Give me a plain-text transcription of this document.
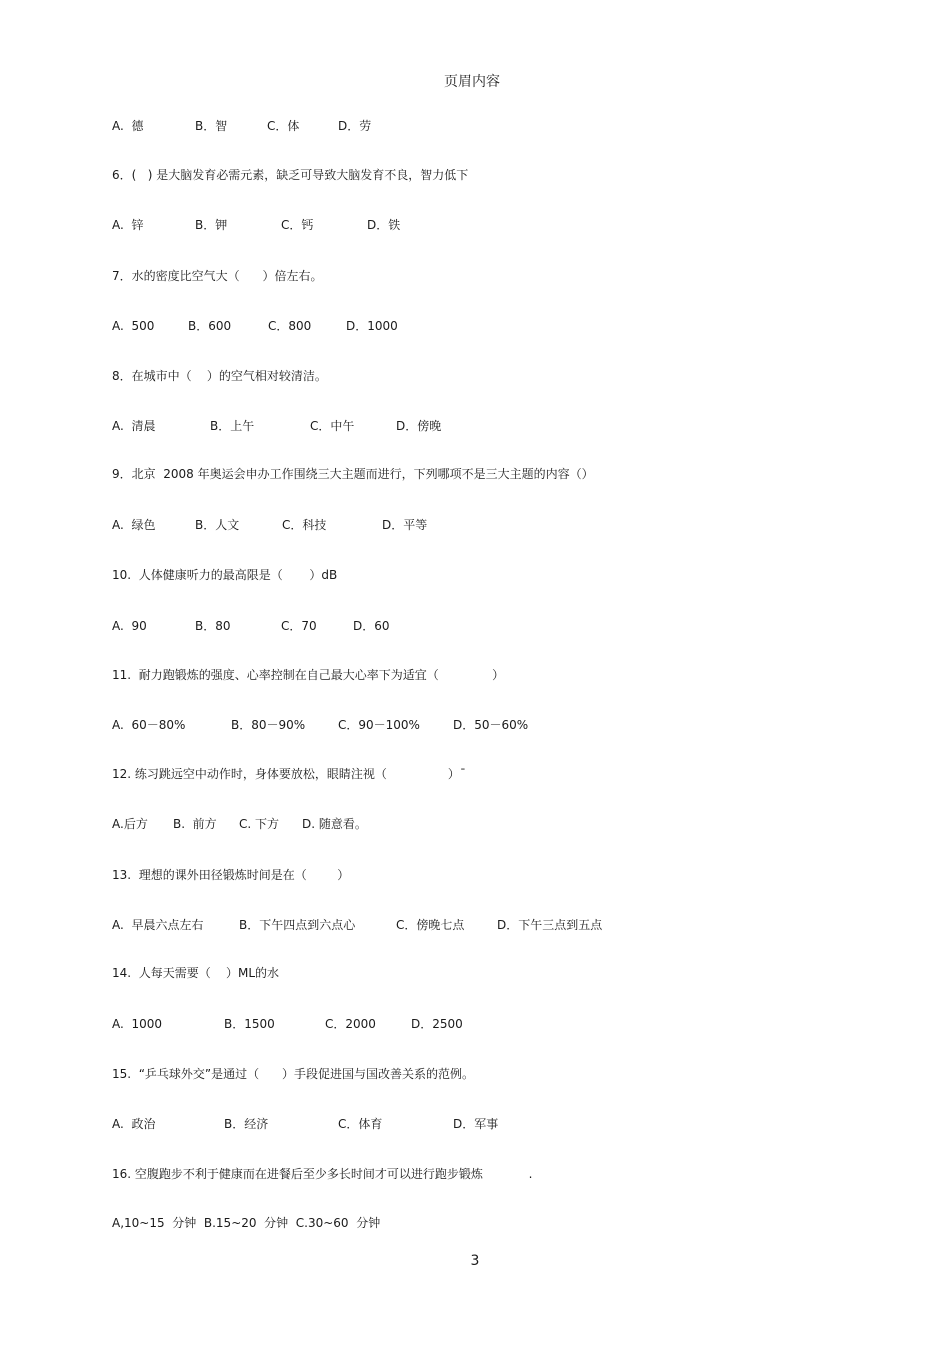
页眉内容
A.  德	B．智	C．体	D．劳
6．(   ) 是大脑发育必需元素，缺乏可导致大脑发育不良，智力低下
A.  锌	B．钾	C．钙	D．铁
7．水的密度比空气大（      ）倍左右。
A.  500	B．600	C．800	D．1000
8．在城市中（    ）的空气相对较清洁。
A.  清晨	B．上午	C．中午	D．傍晚
9．北京  2008 年奥运会申办工作围绕三大主题而进行，下列哪项不是三大主题的内容（）
A.  绿色	B．人文	C．科技	D．平等
10.  人体健康听力的最高限是（       ）dB
A.  90	B．80	C．70	D．60
11.  耐力跑锻炼的强度、心率控制在自己最大心率下为适宜（              ）
A.  60－80%	B．80－90%	C．90－100%	D．50－60%
12. 练习跳远空中动作时，身体要放松，眼睛注视（                ）¯
A.后方 B.  前方 C. 下方 D. 随意看。
13.  理想的课外田径锻炼时间是在（        ）
A.  早晨六点左右	B．下午四点到六点心	C．傍晚七点	D．下午三点到五点
14.  人每天需要（    ）ML的水
A.  1000	B．1500	C．2000	D．2500
15.  “乒乓球外交”是通过（      ）手段促进国与国改善关系的范例。
A.  政治	B．经济	C．体育	D．军事
16. 空腹跑步不利于健康而在进餐后至少多长时间才可以进行跑步锻炼            .
A,10~15  分钟  B.15~20  分钟  C.30~60  分钟
3
